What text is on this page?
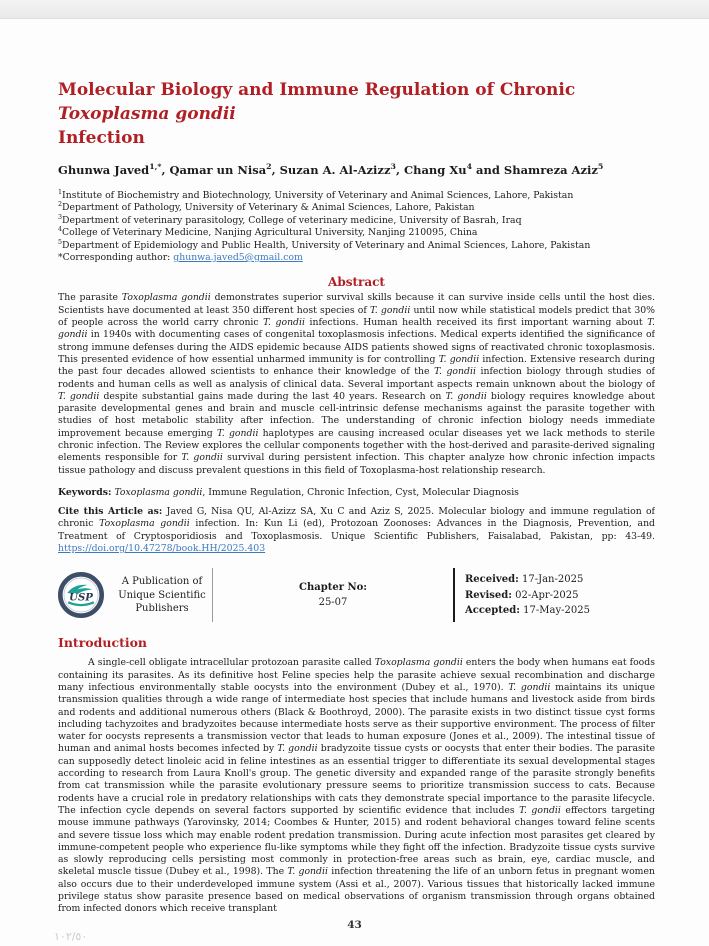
Molecular Biology and Immune Regulation of Chronic Toxoplasma gondii
Infection
Ghunwa Javed$^{1,*}$, Qamar un Nisa$^2$, Suzan A. Al-Azizz$^3$, Chang Xu$^4$ and Shamreza Aziz$^5$
$^1$Institute of Biochemistry and Biotechnology, University of Veterinary and Animal Sciences, Lahore, Pakistan
$^2$Department of Pathology, University of Veterinary & Animal Sciences, Lahore, Pakistan
$^3$Department of veterinary parasitology, College of veterinary medicine, University of Basrah, Iraq
$^4$College of Veterinary Medicine, Nanjing Agricultural University, Nanjing 210095, China
$^5$Department of Epidemiology and Public Health, University of Veterinary and Animal Sciences, Lahore, Pakistan
*Corresponding author: ghunwa.javed5@gmail.com
Abstract

The parasite Toxoplasma gondii demonstrates superior survival skills because it can survive inside cells until the host dies. Scientists have documented at least 350 different host species of T. gondii until now while statistical models predict that 30% of people across the world carry chronic T. gondii infections. Human health received its first important warning about T. gondii in 1940s with documenting cases of congenital toxoplasmosis infections. Medical experts identified the significance of strong immune defenses during the AIDS epidemic because AIDS patients showed signs of reactivated chronic toxoplasmosis. This presented evidence of how essential unharmed immunity is for controlling T. gondii infection. Extensive research during the past four decades allowed scientists to enhance their knowledge of the T. gondii infection biology through studies of rodents and human cells as well as analysis of clinical data. Several important aspects remain unknown about the biology of T. gondii despite substantial gains made during the last 40 years. Research on T. gondii biology requires knowledge about parasite developmental genes and brain and muscle cell-intrinsic defense mechanisms against the parasite together with studies of host metabolic stability after infection. The understanding of chronic infection biology needs immediate improvement because emerging T. gondii haplotypes are causing increased ocular diseases yet we lack methods to sterile chronic infection. The Review explores the cellular components together with the host-derived and parasite-derived signaling elements responsible for T. gondii survival during persistent infection. This chapter analyze how chronic infection impacts tissue pathology and discuss prevalent questions in this field of Toxoplasma-host relationship research.

Keywords: Toxoplasma gondii, Immune Regulation, Chronic Infection, Cyst, Molecular Diagnosis

Cite this Article as: Javed G, Nisa QU, Al-Azizz SA, Xu C and Aziz S, 2025. Molecular biology and immune regulation of chronic Toxoplasma gondii infection. In: Kun Li (ed), Protozoan Zoonoses: Advances in the Diagnosis, Prevention, and Treatment of Cryptosporidiosis and Toxoplasmosis. Unique Scientific Publishers, Faisalabad, Pakistan, pp: 43-49. https://doi.org/10.47278/book.HH/2025.403

USP
A Publication of
Unique Scientific
Publishers
Chapter No:
25-07
Received: 17-Jan-2025
Revised: 02-Apr-2025
Accepted: 17-May-2025
Introduction

A single-cell obligate intracellular protozoan parasite called Toxoplasma gondii enters the body when humans eat foods containing its parasites. As its definitive host Feline species help the parasite achieve sexual recombination and discharge many infectious environmentally stable oocysts into the environment (Dubey et al., 1970). T. gondii maintains its unique transmission qualities through a wide range of intermediate host species that include humans and livestock aside from birds and rodents and additional numerous others (Black & Boothroyd, 2000). The parasite exists in two distinct tissue cyst forms including tachyzoites and bradyzoites because intermediate hosts serve as their supportive environment. The process of filter water for oocysts represents a transmission vector that leads to human exposure (Jones et al., 2009). The intestinal tissue of human and animal hosts becomes infected by T. gondii bradyzoite tissue cysts or oocysts that enter their bodies. The parasite can supposedly detect linoleic acid in feline intestines as an essential trigger to differentiate its sexual developmental stages according to research from Laura Knoll's group. The genetic diversity and expanded range of the parasite strongly benefits from cat transmission while the parasite evolutionary pressure seems to prioritize transmission success to cats. Because rodents have a crucial role in predatory relationships with cats they demonstrate special importance to the parasite lifecycle. The infection cycle depends on several factors supported by scientific evidence that includes T. gondii effectors targeting mouse immune pathways (Yarovinsky, 2014; Coombes & Hunter, 2015) and rodent behavioral changes toward feline scents and severe tissue loss which may enable rodent predation transmission. During acute infection most parasites get cleared by immune-competent people who experience flu-like symptoms while they fight off the infection. Bradyzoite tissue cysts survive as slowly reproducing cells persisting most commonly in protection-free areas such as brain, eye, cardiac muscle, and skeletal muscle tissue (Dubey et al., 1998). The T. gondii infection threatening the life of an unborn fetus in pregnant women also occurs due to their underdeveloped immune system (Assi et al., 2007). Various tissues that historically lacked immune privilege status show parasite presence based on medical observations of organism transmission through organs obtained from infected donors which receive transplant

43
١٠٢/٥٠
